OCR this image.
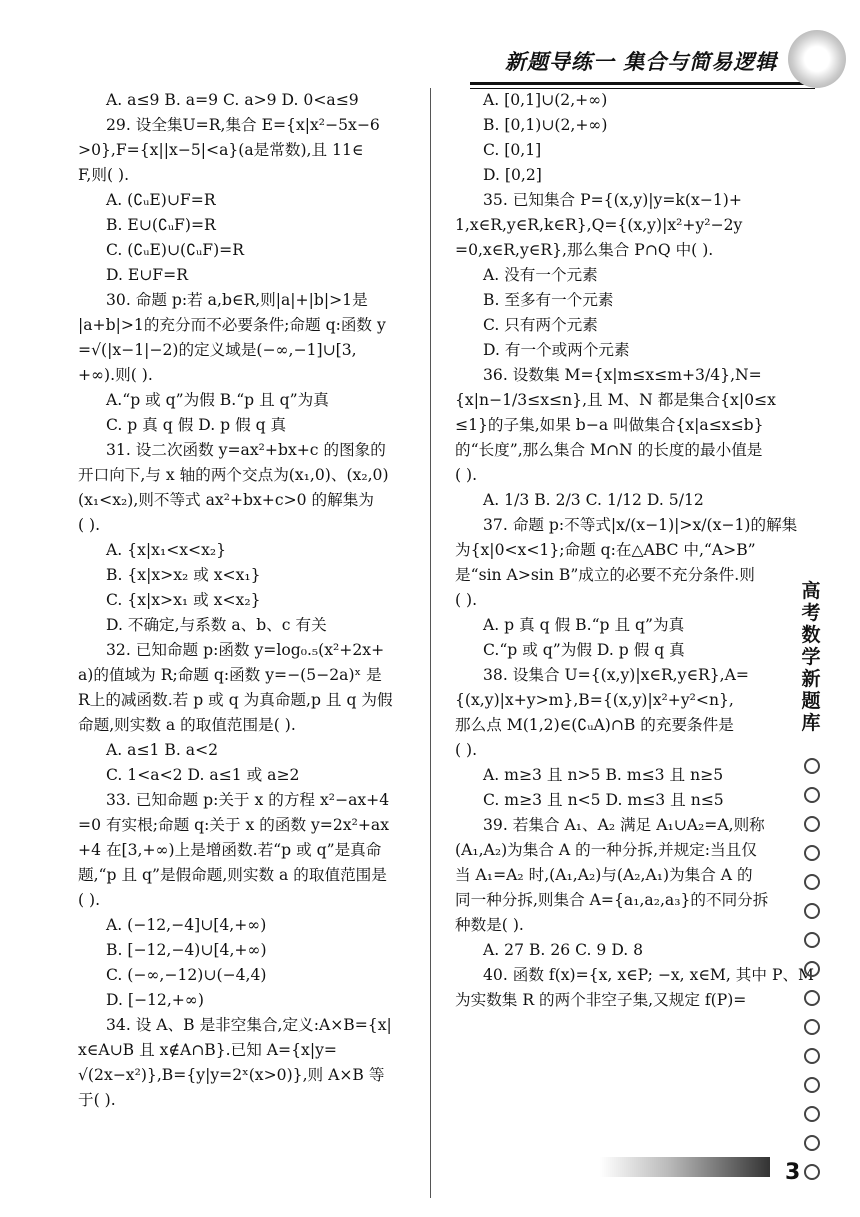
新题导练一 集合与简易逻辑
A. a≤9 B. a=9 C. a>9 D. 0<a≤9
29. 设全集U=R,集合 E={x|x²−5x−6
>0},F={x||x−5|<a}(a是常数),且 11∈
F,则( ).
A. (∁ᵤE)∪F=R
B. E∪(∁ᵤF)=R
C. (∁ᵤE)∪(∁ᵤF)=R
D. E∪F=R
30. 命题 p:若 a,b∈R,则|a|+|b|>1是
|a+b|>1的充分而不必要条件;命题 q:函数 y
=√(|x−1|−2)的定义域是(−∞,−1]∪[3,
+∞).则( ).
A.“p 或 q”为假 B.“p 且 q”为真
C. p 真 q 假 D. p 假 q 真
31. 设二次函数 y=ax²+bx+c 的图象的
开口向下,与 x 轴的两个交点为(x₁,0)、(x₂,0)
(x₁<x₂),则不等式 ax²+bx+c>0 的解集为
( ).
A. {x|x₁<x<x₂}
B. {x|x>x₂ 或 x<x₁}
C. {x|x>x₁ 或 x<x₂}
D. 不确定,与系数 a、b、c 有关
32. 已知命题 p:函数 y=log₀.₅(x²+2x+
a)的值域为 R;命题 q:函数 y=−(5−2a)ˣ 是
R上的减函数.若 p 或 q 为真命题,p 且 q 为假
命题,则实数 a 的取值范围是( ).
A. a≤1 B. a<2
C. 1<a<2 D. a≤1 或 a≥2
33. 已知命题 p:关于 x 的方程 x²−ax+4
=0 有实根;命题 q:关于 x 的函数 y=2x²+ax
+4 在[3,+∞)上是增函数.若“p 或 q”是真命
题,“p 且 q”是假命题,则实数 a 的取值范围是
( ).
A. (−12,−4]∪[4,+∞)
B. [−12,−4)∪[4,+∞)
C. (−∞,−12)∪(−4,4)
D. [−12,+∞)
34. 设 A、B 是非空集合,定义:A×B={x|
x∈A∪B 且 x∉A∩B}.已知 A={x|y=
√(2x−x²)},B={y|y=2ˣ(x>0)},则 A×B 等
于( ).
A. [0,1]∪(2,+∞)
B. [0,1)∪(2,+∞)
C. [0,1]
D. [0,2]
35. 已知集合 P={(x,y)|y=k(x−1)+
1,x∈R,y∈R,k∈R},Q={(x,y)|x²+y²−2y
=0,x∈R,y∈R},那么集合 P∩Q 中( ).
A. 没有一个元素
B. 至多有一个元素
C. 只有两个元素
D. 有一个或两个元素
36. 设数集 M={x|m≤x≤m+3/4},N=
{x|n−1/3≤x≤n},且 M、N 都是集合{x|0≤x
≤1}的子集,如果 b−a 叫做集合{x|a≤x≤b}
的“长度”,那么集合 M∩N 的长度的最小值是
( ).
A. 1/3 B. 2/3 C. 1/12 D. 5/12
37. 命题 p:不等式|x/(x−1)|>x/(x−1)的解集
为{x|0<x<1};命题 q:在△ABC 中,“A>B”
是“sin A>sin B”成立的必要不充分条件.则
( ).
A. p 真 q 假 B.“p 且 q”为真
C.“p 或 q”为假 D. p 假 q 真
38. 设集合 U={(x,y)|x∈R,y∈R},A=
{(x,y)|x+y>m},B={(x,y)|x²+y²<n},
那么点 M(1,2)∈(∁ᵤA)∩B 的充要条件是
( ).
A. m≥3 且 n>5 B. m≤3 且 n≥5
C. m≥3 且 n<5 D. m≤3 且 n≤5
39. 若集合 A₁、A₂ 满足 A₁∪A₂=A,则称
(A₁,A₂)为集合 A 的一种分拆,并规定:当且仅
当 A₁=A₂ 时,(A₁,A₂)与(A₂,A₁)为集合 A 的
同一种分拆,则集合 A={a₁,a₂,a₃}的不同分拆
种数是( ).
A. 27 B. 26 C. 9 D. 8
40. 函数 f(x)={x, x∈P; −x, x∈M, 其中 P、M
为实数集 R 的两个非空子集,又规定 f(P)=
高
考
数
学
新
题
库
3
